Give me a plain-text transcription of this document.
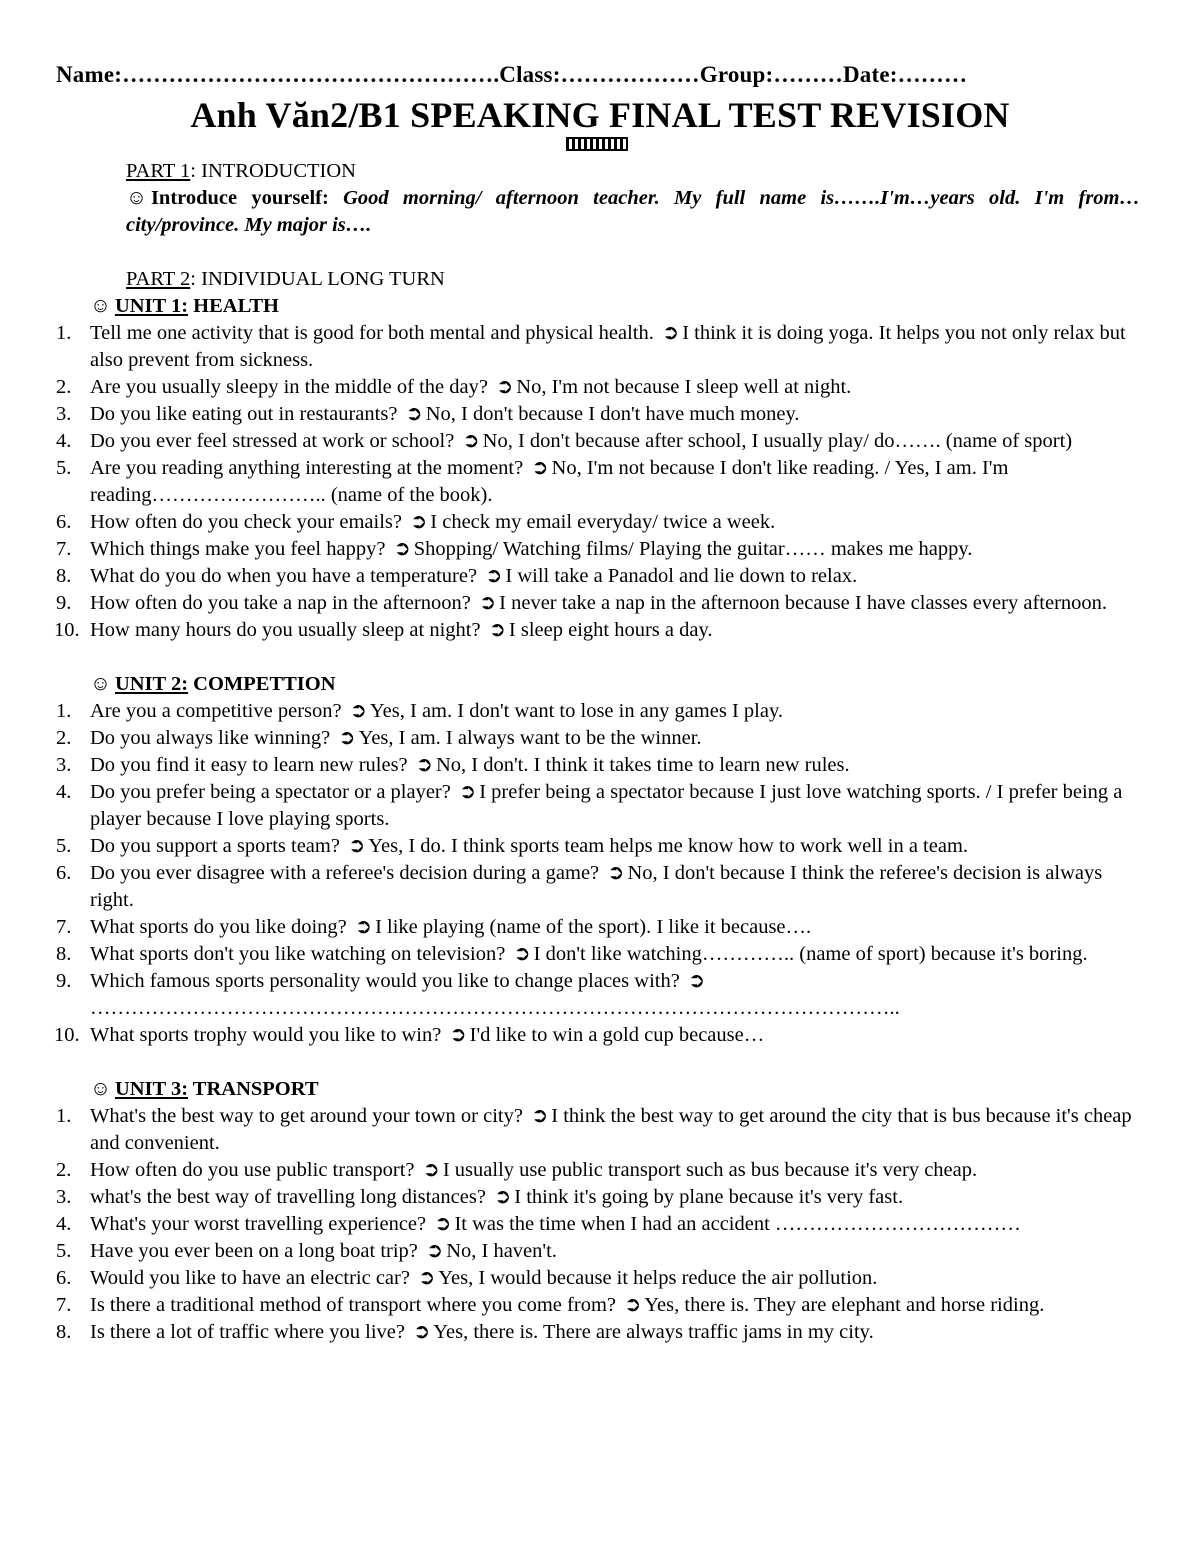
Name:………………………………………….Class:………………Group:………Date:………
Anh Văn2/B1 SPEAKING FINAL TEST REVISION
PART 1: INTRODUCTION
☺ Introduce yourself: Good morning/ afternoon teacher. My full name is…….I'm…years old. I'm from… city/province. My major is….
PART 2: INDIVIDUAL LONG TURN
☺ UNIT 1: HEALTH
1. Tell me one activity that is good for both mental and physical health. ➲ I think it is doing yoga. It helps you not only relax but also prevent from sickness.
2. Are you usually sleepy in the middle of the day? ➲ No, I'm not because I sleep well at night.
3. Do you like eating out in restaurants? ➲ No, I don't because I don't have much money.
4. Do you ever feel stressed at work or school? ➲ No, I don't because after school, I usually play/ do……. (name of sport)
5. Are you reading anything interesting at the moment? ➲ No, I'm not because I don't like reading. / Yes, I am. I'm reading…………………….. (name of the book).
6. How often do you check your emails? ➲ I check my email everyday/ twice a week.
7. Which things make you feel happy? ➲ Shopping/ Watching films/ Playing the guitar…… makes me happy.
8. What do you do when you have a temperature? ➲ I will take a Panadol and lie down to relax.
9. How often do you take a nap in the afternoon? ➲ I never take a nap in the afternoon because I have classes every afternoon.
10. How many hours do you usually sleep at night? ➲ I sleep eight hours a day.
☺ UNIT 2: COMPETTION
1. Are you a competitive person? ➲ Yes, I am. I don't want to lose in any games I play.
2. Do you always like winning? ➲ Yes, I am. I always want to be the winner.
3. Do you find it easy to learn new rules? ➲ No, I don't. I think it takes time to learn new rules.
4. Do you prefer being a spectator or a player? ➲ I prefer being a spectator because I just love watching sports. / I prefer being a player because I love playing sports.
5. Do you support a sports team? ➲ Yes, I do. I think sports team helps me know how to work well in a team.
6. Do you ever disagree with a referee's decision during a game? ➲ No, I don't because I think the referee's decision is always right.
7. What sports do you like doing? ➲ I like playing (name of the sport). I like it because….
8. What sports don't you like watching on television? ➲ I don't like watching………….. (name of sport) because it's boring.
9. Which famous sports personality would you like to change places with? ➲………………………………………………………………………………………………………..
10. What sports trophy would you like to win? ➲ I'd like to win a gold cup because…
☺ UNIT 3: TRANSPORT
1. What's the best way to get around your town or city? ➲ I think the best way to get around the city that is bus because it's cheap and convenient.
2. How often do you use public transport? ➲ I usually use public transport such as bus because it's very cheap.
3. what's the best way of travelling long distances? ➲ I think it's going by plane because it's very fast.
4. What's your worst travelling experience? ➲ It was the time when I had an accident ………………………………
5. Have you ever been on a long boat trip? ➲ No, I haven't.
6. Would you like to have an electric car? ➲ Yes, I would because it helps reduce the air pollution.
7. Is there a traditional method of transport where you come from? ➲ Yes, there is. They are elephant and horse riding.
8. Is there a lot of traffic where you live? ➲ Yes, there is. There are always traffic jams in my city.
